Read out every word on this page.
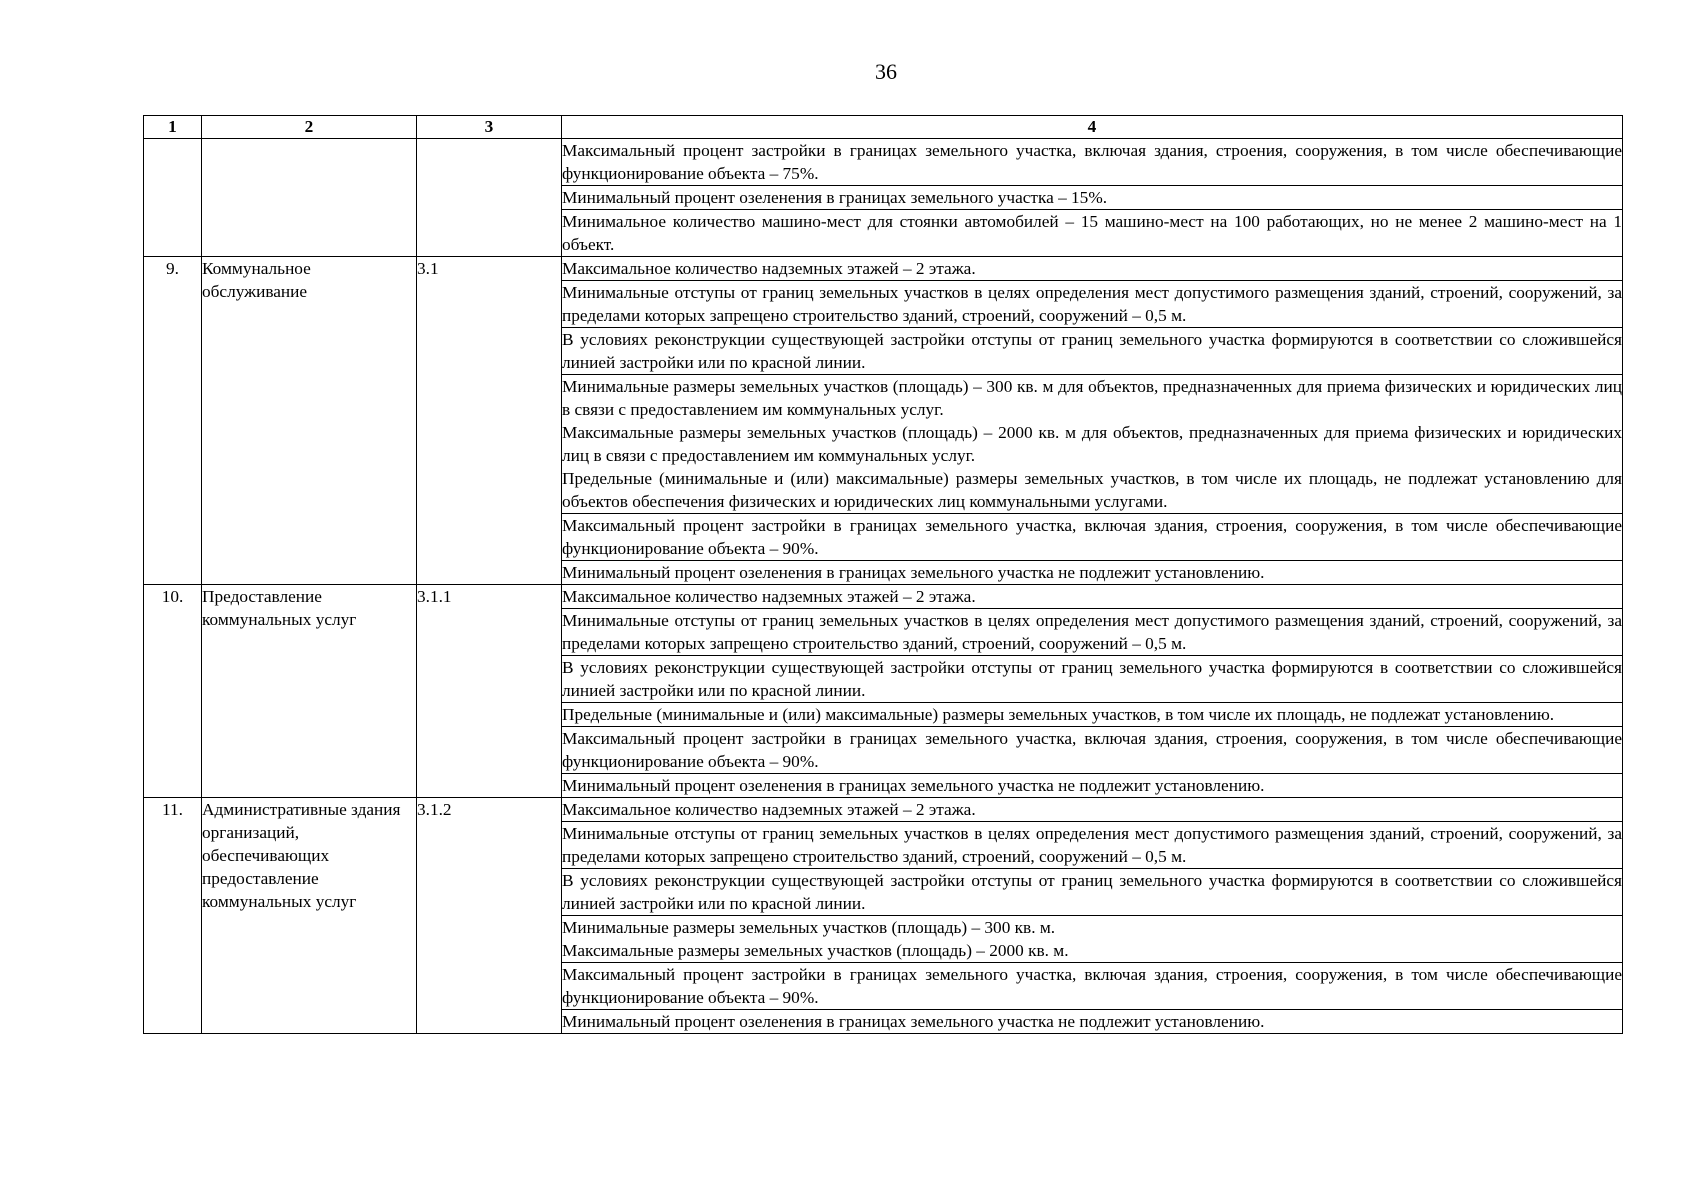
36
1	2	3	4
			Максимальный процент застройки в границах земельного участка, включая здания, строения, сооружения, в том числе обеспечивающие функционирование объекта – 75%.
			Минимальный процент озеленения в границах земельного участка – 15%.
			Минимальное количество машино-мест для стоянки автомобилей – 15 машино-мест на 100 работающих, но не менее 2 машино-мест на 1 объект.
9.	Коммунальное обслуживание	3.1	Максимальное количество надземных этажей – 2 этажа.
			Минимальные отступы от границ земельных участков в целях определения мест допустимого размещения зданий, строений, сооружений, за пределами которых запрещено строительство зданий, строений, сооружений – 0,5 м.
			В условиях реконструкции существующей застройки отступы от границ земельного участка формируются в соответствии со сложившейся линией застройки или по красной линии.

			Минимальные размеры земельных участков (площадь) – 300 кв. м для объектов, предназначенных для приема физических и юридических лиц в связи с предоставлением им коммунальных услуг.
Максимальные размеры земельных участков (площадь) – 2000 кв. м для объектов, предназначенных для приема физических и юридических лиц в связи с предоставлением им коммунальных услуг.
Предельные (минимальные и (или) максимальные) размеры земельных участков, в том числе их площадь, не подлежат установлению для объектов обеспечения физических и юридических лиц коммунальными услугами.

			Максимальный процент застройки в границах земельного участка, включая здания, строения, сооружения, в том числе обеспечивающие функционирование объекта – 90%.
			Минимальный процент озеленения в границах земельного участка не подлежит установлению.
10.	Предоставление коммунальных услуг	3.1.1	Максимальное количество надземных этажей – 2 этажа.
			Минимальные отступы от границ земельных участков в целях определения мест допустимого размещения зданий, строений, сооружений, за пределами которых запрещено строительство зданий, строений, сооружений – 0,5 м.
			В условиях реконструкции существующей застройки отступы от границ земельного участка формируются в соответствии со сложившейся линией застройки или по красной линии.
			Предельные (минимальные и (или) максимальные) размеры земельных участков, в том числе их площадь, не подлежат установлению.
			Максимальный процент застройки в границах земельного участка, включая здания, строения, сооружения, в том числе обеспечивающие функционирование объекта – 90%.
			Минимальный процент озеленения в границах земельного участка не подлежит установлению.
11.	Административные здания организаций, обеспечивающих предоставление коммунальных услуг	3.1.2	Максимальное количество надземных этажей – 2 этажа.
			Минимальные отступы от границ земельных участков в целях определения мест допустимого размещения зданий, строений, сооружений, за пределами которых запрещено строительство зданий, строений, сооружений – 0,5 м.
			В условиях реконструкции существующей застройки отступы от границ земельного участка формируются в соответствии со сложившейся линией застройки или по красной линии.

			Минимальные размеры земельных участков (площадь) – 300 кв. м.
Максимальные размеры земельных участков (площадь) – 2000 кв. м.

			Максимальный процент застройки в границах земельного участка, включая здания, строения, сооружения, в том числе обеспечивающие функционирование объекта – 90%.
			Минимальный процент озеленения в границах земельного участка не подлежит установлению.
